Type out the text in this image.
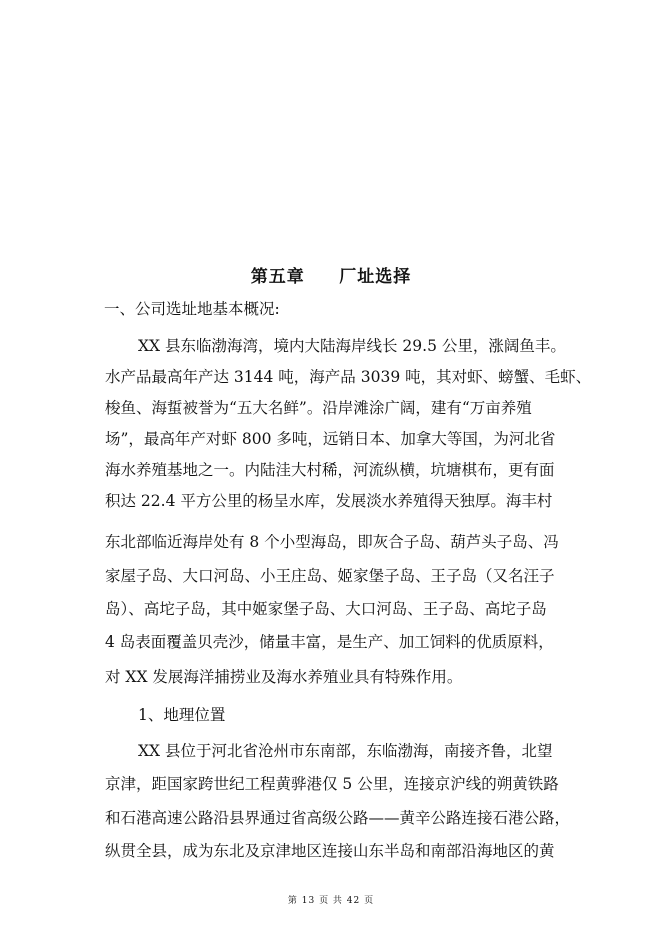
第五章     厂址选择
一、公司选址地基本概况:
XX 县东临渤海湾，境内大陆海岸线长 29.5 公里，涨阔鱼丰。
水产品最高年产达 3144 吨，海产品 3039 吨，其对虾、螃蟹、毛虾、
梭鱼、海蜇被誉为“五大名鲜”。沿岸滩涂广阔，建有“万亩养殖
场”，最高年产对虾 800 多吨，远销日本、加拿大等国，为河北省
海水养殖基地之一。内陆洼大村稀，河流纵横，坑塘棋布，更有面
积达 22.4 平方公里的杨呈水库，发展淡水养殖得天独厚。海丰村
东北部临近海岸处有 8 个小型海岛，即灰合子岛、葫芦头子岛、冯
家屋子岛、大口河岛、小王庄岛、姬家堡子岛、王子岛（又名汪子
岛）、高坨子岛，其中姬家堡子岛、大口河岛、王子岛、高坨子岛
4 岛表面覆盖贝壳沙，储量丰富，是生产、加工饲料的优质原料，
对 XX 发展海洋捕捞业及海水养殖业具有特殊作用。
1、地理位置
XX 县位于河北省沧州市东南部，东临渤海，南接齐鲁，北望
京津，距国家跨世纪工程黄骅港仅 5 公里，连接京沪线的朔黄铁路
和石港高速公路沿县界通过省高级公路——黄辛公路连接石港公路，
纵贯全县，成为东北及京津地区连接山东半岛和南部沿海地区的黄
第 13 页 共 42 页
